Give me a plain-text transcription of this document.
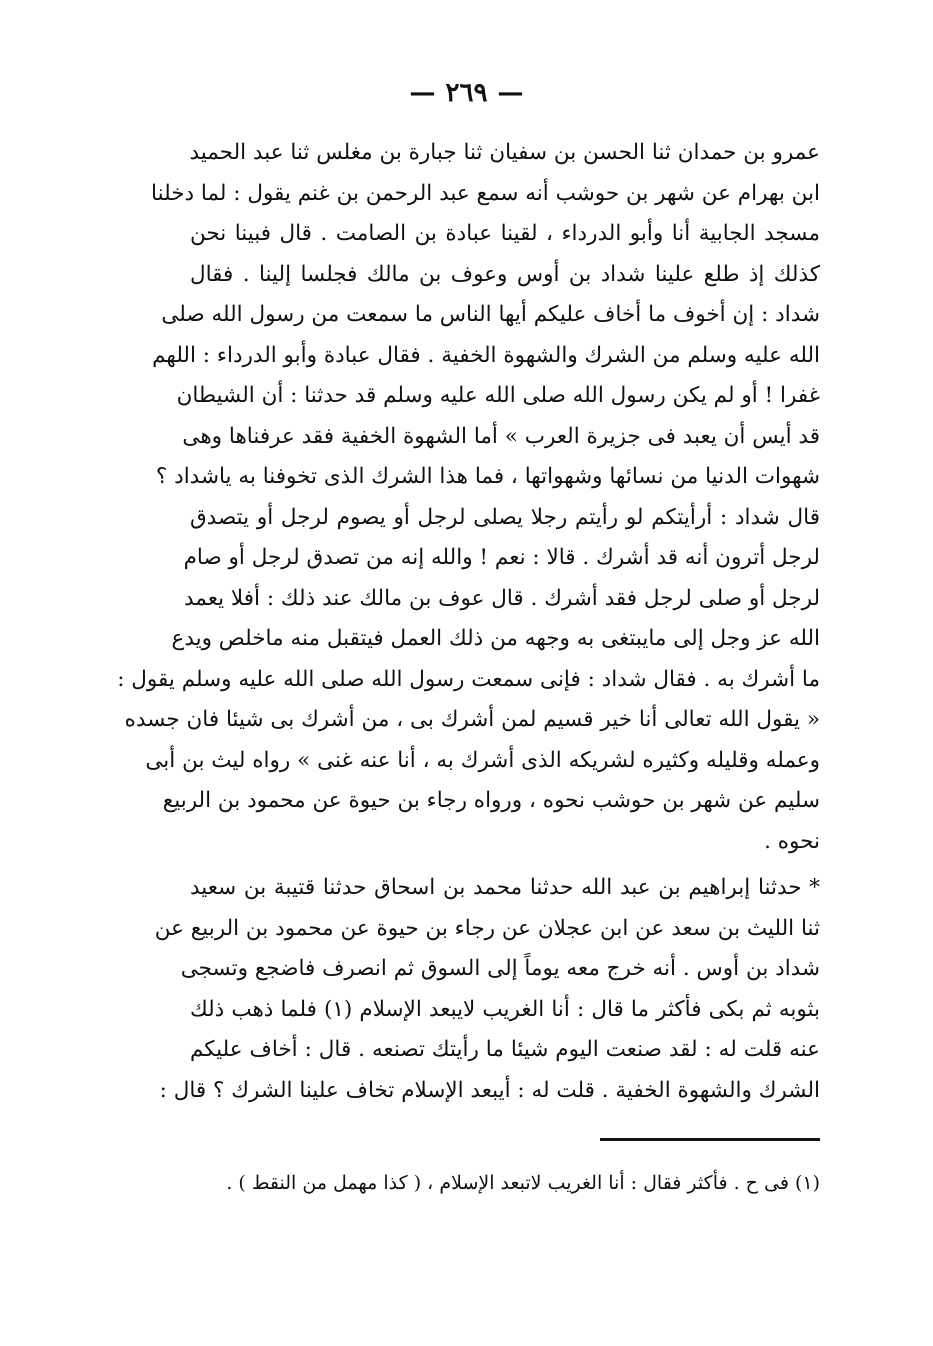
—٢٦٩—
عمرو بن حمدان ثنا الحسن بن سفيان ثنا جبارة بن مغلس ثنا عبد الحميد
ابن بهرام عن شهر بن حوشب أنه سمع عبد الرحمن بن غنم يقول : لما دخلنا
مسجد الجابية أنا وأبو الدرداء ، لقينا عبادة بن الصامت . قال فبينا نحن
كذلك إذ طلع علينا شداد بن أوس وعوف بن مالك فجلسا إلينا . فقال
شداد : إن أخوف ما أخاف عليكم أيها الناس ما سمعت من رسول الله صلى
الله عليه وسلم من الشرك والشهوة الخفية . فقال عبادة وأبو الدرداء : اللهم
غفرا ! أو لم يكن رسول الله صلى الله عليه وسلم قد حدثنا : أن الشيطان
قد أيس أن يعبد فى جزيرة العرب » أما الشهوة الخفية فقد عرفناها وهى
شهوات الدنيا من نسائها وشهواتها ، فما هذا الشرك الذى تخوفنا به ياشداد ؟
قال شداد : أرأيتكم لو رأيتم رجلا يصلى لرجل أو يصوم لرجل أو يتصدق
لرجل أترون أنه قد أشرك . قالا : نعم ! والله إنه من تصدق لرجل أو صام
لرجل أو صلى لرجل فقد أشرك . قال عوف بن مالك عند ذلك : أفلا يعمد
الله عز وجل إلى مايبتغى به وجهه من ذلك العمل فيتقبل منه ماخلص ويدع
ما أشرك به . فقال شداد : فإنى سمعت رسول الله صلى الله عليه وسلم يقول :
« يقول الله تعالى أنا خير قسيم لمن أشرك بى ، من أشرك بى شيئا فان جسده
وعمله وقليله وكثيره لشريكه الذى أشرك به ، أنا عنه غنى » رواه ليث بن أبى
سليم عن شهر بن حوشب نحوه ، ورواه رجاء بن حيوة عن محمود بن الربيع
نحوه .
* حدثنا إبراهيم بن عبد الله حدثنا محمد بن اسحاق حدثنا قتيبة بن سعيد
ثنا الليث بن سعد عن ابن عجلان عن رجاء بن حيوة عن محمود بن الربيع عن
شداد بن أوس . أنه خرج معه يوماً إلى السوق ثم انصرف فاضجع وتسجى
بثوبه ثم بكى فأكثر ما قال : أنا الغريب لايبعد الإسلام (١) فلما ذهب ذلك
عنه قلت له : لقد صنعت اليوم شيئا ما رأيتك تصنعه . قال : أخاف عليكم
الشرك والشهوة الخفية . قلت له : أيبعد الإسلام تخاف علينا الشرك ؟ قال :
(١) فى ح . فأكثر فقال : أنا الغريب لاتبعد الإسلام ، ( كذا مهمل من النقط ) .
